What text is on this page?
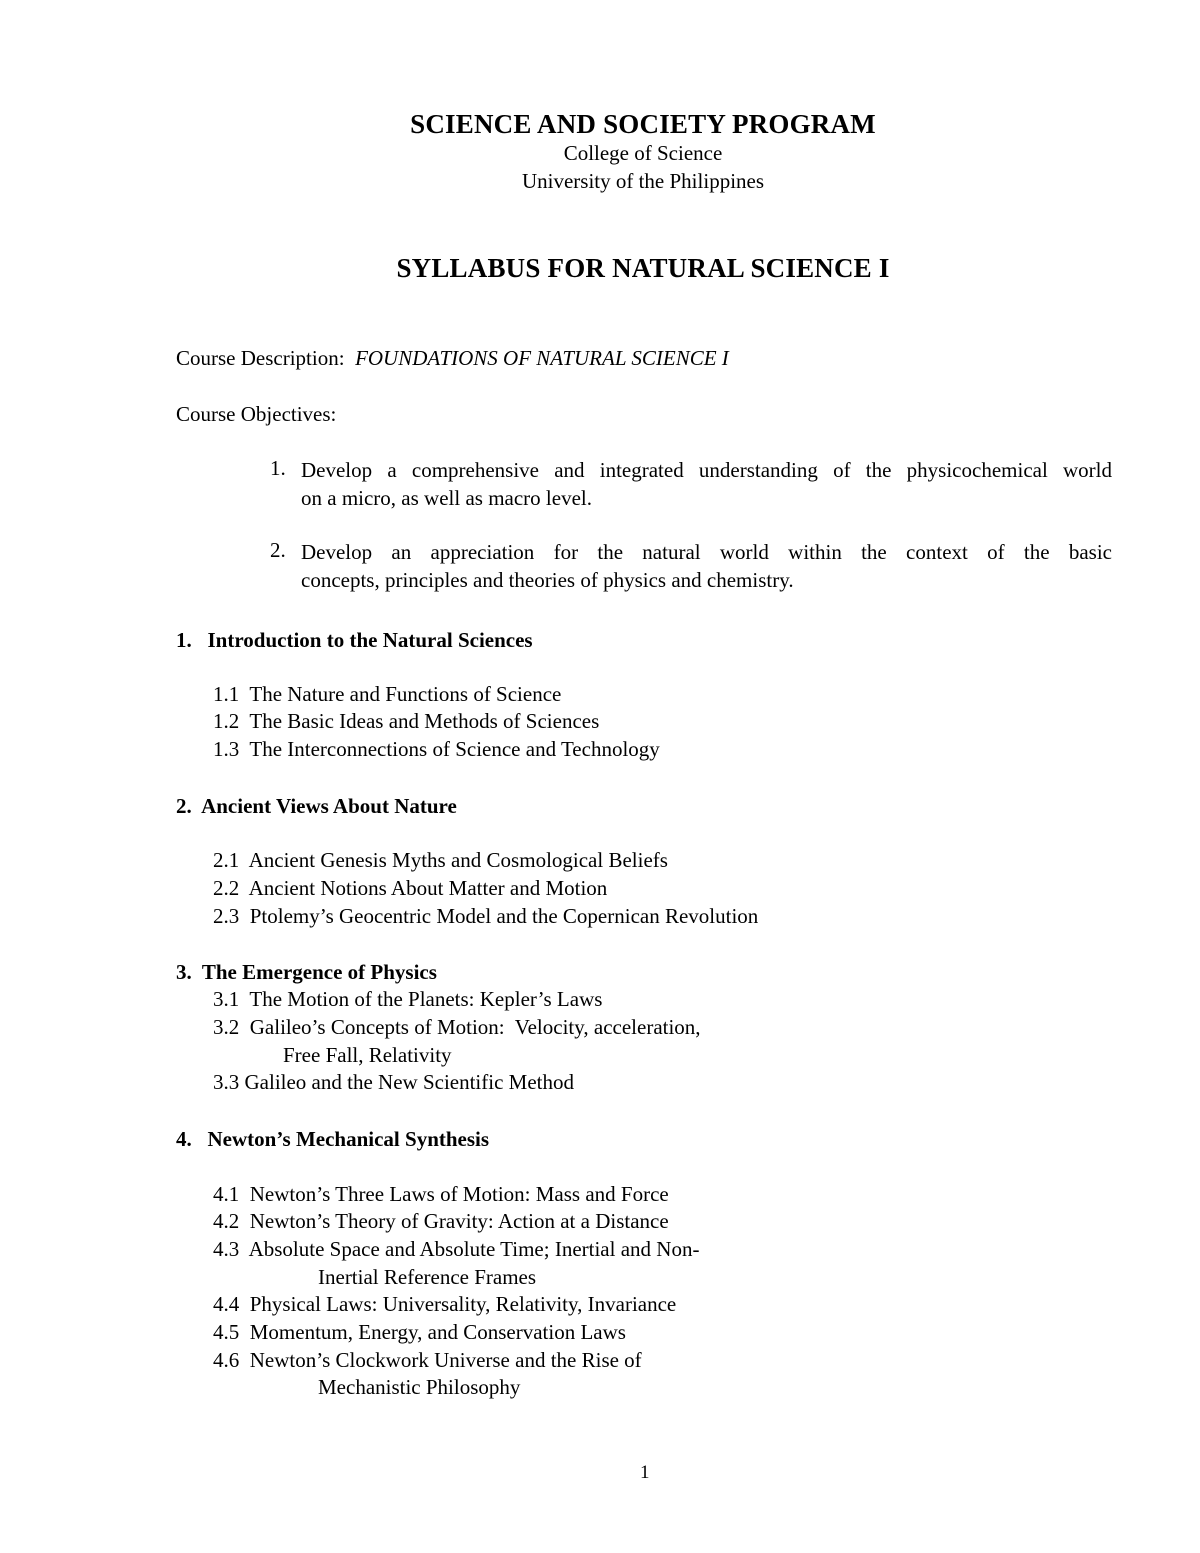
SCIENCE AND SOCIETY PROGRAM
College of Science
University of the Philippines
SYLLABUS FOR NATURAL SCIENCE I
Course Description: FOUNDATIONS OF NATURAL SCIENCE I
Course Objectives:
1. Develop a comprehensive and integrated understanding of the physicochemical world
on a micro, as well as macro level.
2. Develop an appreciation for the natural world within the context of the basic
concepts, principles and theories of physics and chemistry.
1.   Introduction to the Natural Sciences
1.1  The Nature and Functions of Science
1.2  The Basic Ideas and Methods of Sciences
1.3  The Interconnections of Science and Technology
2.  Ancient Views About Nature
2.1  Ancient Genesis Myths and Cosmological Beliefs
2.2  Ancient Notions About Matter and Motion
2.3  Ptolemy’s Geocentric Model and the Copernican Revolution
3.  The Emergence of Physics
3.1  The Motion of the Planets: Kepler’s Laws
3.2  Galileo’s Concepts of Motion:  Velocity, acceleration,
Free Fall, Relativity
3.3 Galileo and the New Scientific Method
4.   Newton’s Mechanical Synthesis
4.1  Newton’s Three Laws of Motion: Mass and Force
4.2  Newton’s Theory of Gravity: Action at a Distance
4.3  Absolute Space and Absolute Time; Inertial and Non-
Inertial Reference Frames
4.4  Physical Laws: Universality, Relativity, Invariance
4.5  Momentum, Energy, and Conservation Laws
4.6  Newton’s Clockwork Universe and the Rise of
Mechanistic Philosophy
1
